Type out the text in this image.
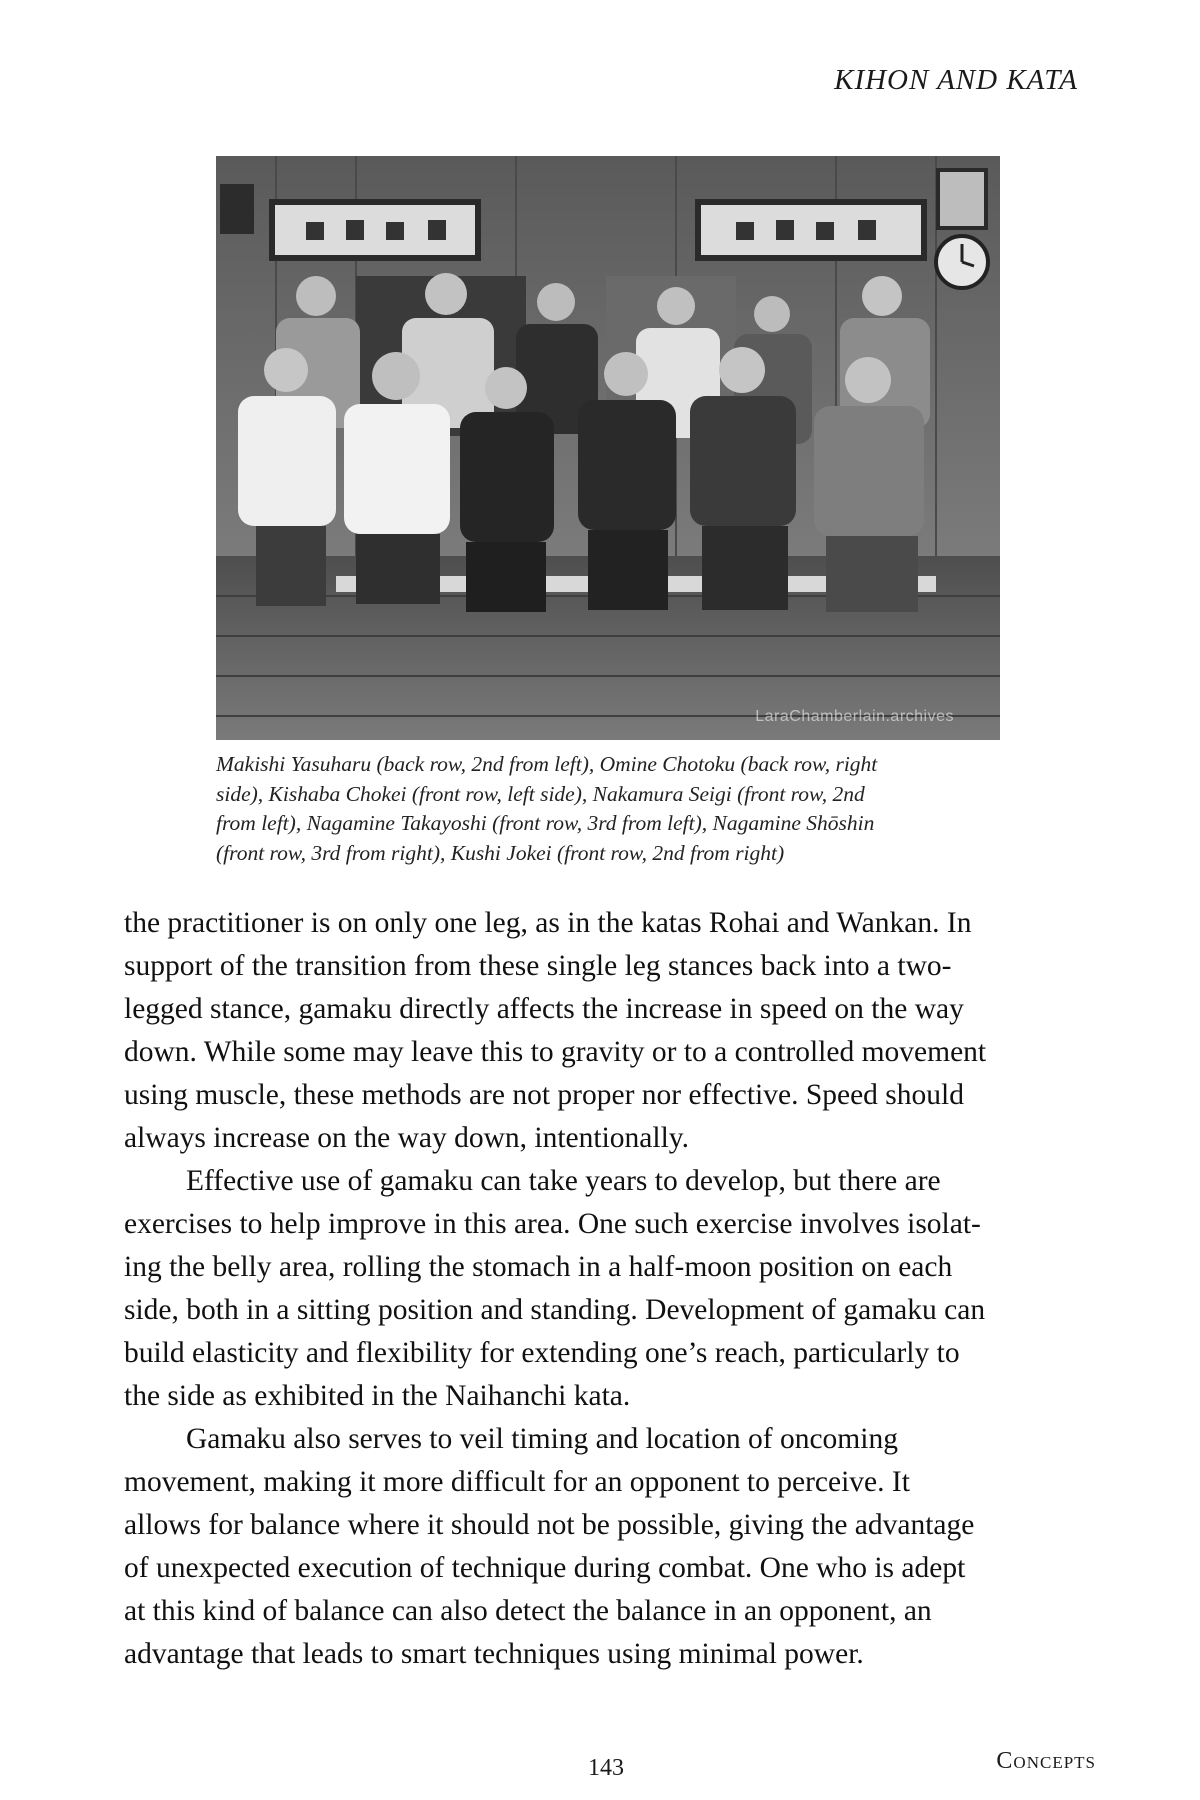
KIHON AND KATA
LaraChamberlain.archives
Makishi Yasuharu (back row, 2nd from left), Omine Chotoku (back row, right
side), Kishaba Chokei (front row, left side), Nakamura Seigi (front row, 2nd
from left), Nagamine Takayoshi (front row, 3rd from left), Nagamine Shōshin
(front row, 3rd from right), Kushi Jokei (front row, 2nd from right)
the practitioner is on only one leg, as in the katas Rohai and Wankan. In
support of the transition from these single leg stances back into a two-
legged stance, gamaku directly affects the increase in speed on the way
down. While some may leave this to gravity or to a controlled movement
using muscle, these methods are not proper nor effective. Speed should
always increase on the way down, intentionally.
Effective use of gamaku can take years to develop, but there are
exercises to help improve in this area. One such exercise involves isolat-
ing the belly area, rolling the stomach in a half-moon position on each
side, both in a sitting position and standing. Development of gamaku can
build elasticity and flexibility for extending one’s reach, particularly to
the side as exhibited in the Naihanchi kata.
Gamaku also serves to veil timing and location of oncoming
movement, making it more difficult for an opponent to perceive. It
allows for balance where it should not be possible, giving the advantage
of unexpected execution of technique during combat. One who is adept
at this kind of balance can also detect the balance in an opponent, an
advantage that leads to smart techniques using minimal power.
143	Concepts
